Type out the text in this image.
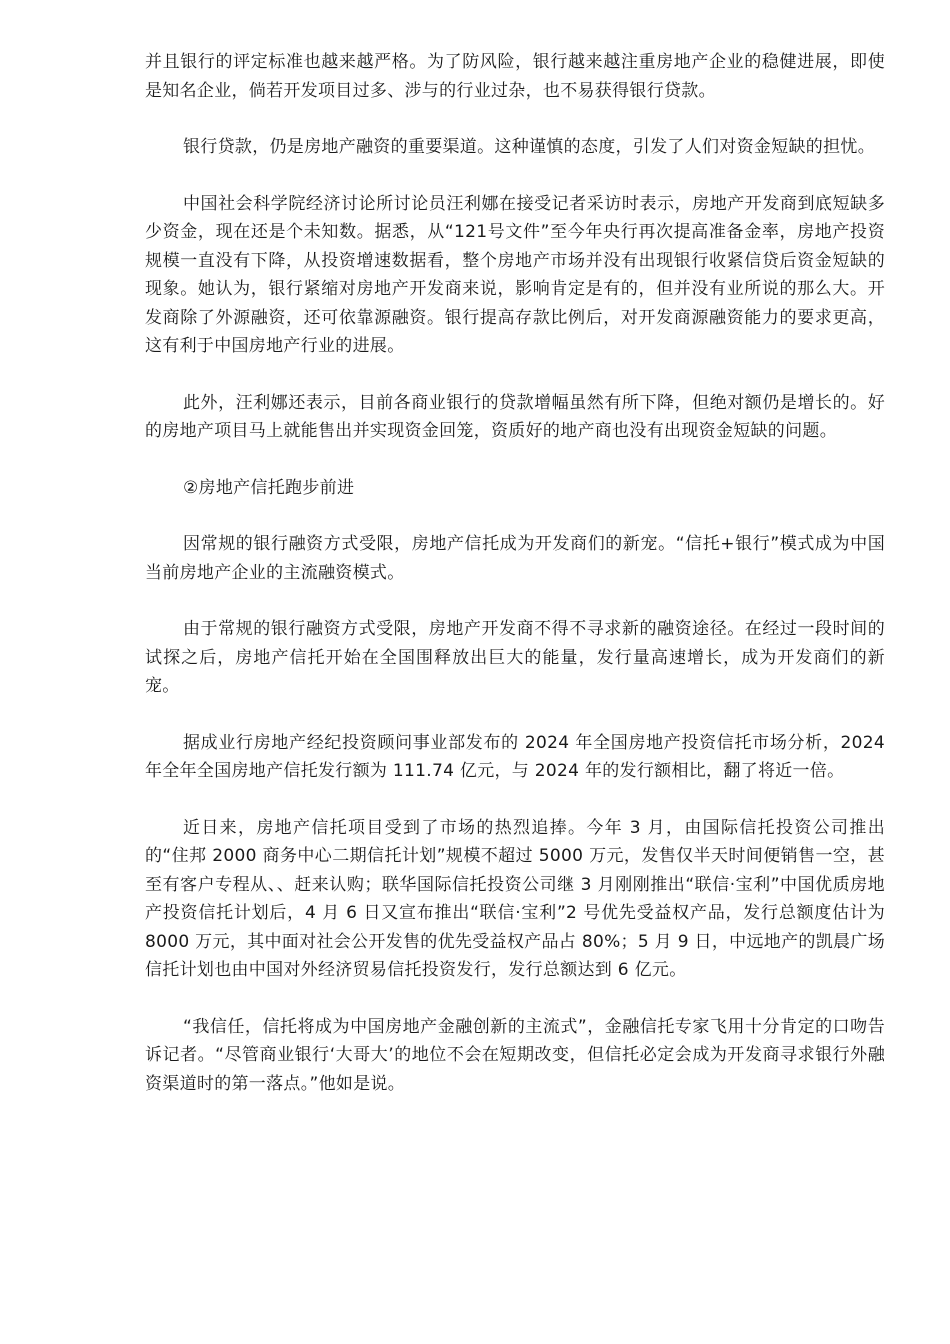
并且银行的评定标准也越来越严格。为了防风险，银行越来越注重房地产企业的稳健进展，即使是知名企业，倘若开发项目过多、涉与的行业过杂，也不易获得银行贷款。

银行贷款，仍是房地产融资的重要渠道。这种谨慎的态度，引发了人们对资金短缺的担忧。

中国社会科学院经济讨论所讨论员汪利娜在接受记者采访时表示，房地产开发商到底短缺多少资金，现在还是个未知数。据悉，从“121号文件”至今年央行再次提高准备金率，房地产投资规模一直没有下降，从投资增速数据看，整个房地产市场并没有出现银行收紧信贷后资金短缺的现象。她认为，银行紧缩对房地产开发商来说，影响肯定是有的，但并没有业所说的那么大。开发商除了外源融资，还可依靠源融资。银行提高存款比例后，对开发商源融资能力的要求更高，这有利于中国房地产行业的进展。

此外，汪利娜还表示，目前各商业银行的贷款增幅虽然有所下降，但绝对额仍是增长的。好的房地产项目马上就能售出并实现资金回笼，资质好的地产商也没有出现资金短缺的问题。

②房地产信托跑步前进

因常规的银行融资方式受限，房地产信托成为开发商们的新宠。“信托+银行”模式成为中国当前房地产企业的主流融资模式。

由于常规的银行融资方式受限，房地产开发商不得不寻求新的融资途径。在经过一段时间的试探之后，房地产信托开始在全国围释放出巨大的能量，发行量高速增长，成为开发商们的新宠。

据成业行房地产经纪投资顾问事业部发布的 2024 年全国房地产投资信托市场分析，2024 年全年全国房地产信托发行额为 111.74 亿元，与 2024 年的发行额相比，翻了将近一倍。

近日来，房地产信托项目受到了市场的热烈追捧。今年 3 月，由国际信托投资公司推出的“住邦 2000 商务中心二期信托计划”规模不超过 5000 万元，发售仅半天时间便销售一空，甚至有客户专程从、、赶来认购；联华国际信托投资公司继 3 月刚刚推出“联信·宝利”中国优质房地产投资信托计划后，4 月 6 日又宣布推出“联信·宝利”2 号优先受益权产品，发行总额度估计为 8000 万元，其中面对社会公开发售的优先受益权产品占 80%；5 月 9 日，中远地产的凯晨广场信托计划也由中国对外经济贸易信托投资发行，发行总额达到 6 亿元。

“我信任，信托将成为中国房地产金融创新的主流式”，金融信托专家飞用十分肯定的口吻告诉记者。“尽管商业银行‘大哥大’的地位不会在短期改变，但信托必定会成为开发商寻求银行外融资渠道时的第一落点。”他如是说。
